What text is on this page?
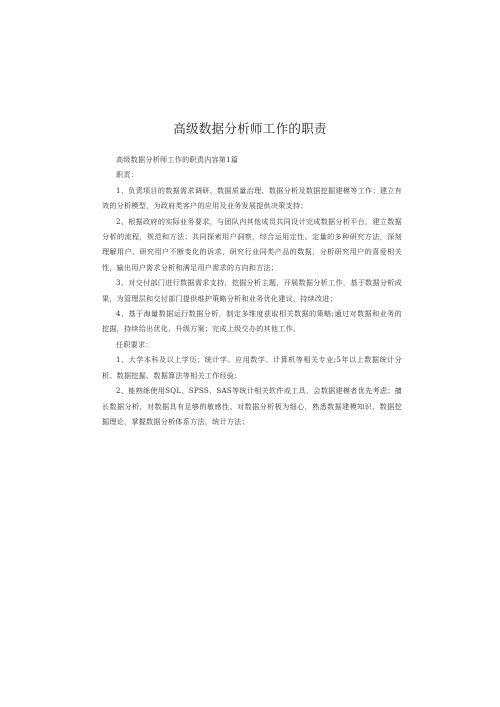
高级数据分析师工作的职责

高级数据分析师工作的职责内容第1篇

职责：

1、负责项目的数据需求调研、数据质量治理、数据分析及数据挖掘建模等工作；建立有效的分析模型，为政府类客户的应用及业务发展提供决策支持；

2、根据政府的实际业务要求，与团队内其他成员共同设计完成数据分析平台，建立数据分析的流程，规范和方法；共同探索用户洞察，综合运用定性、定量的多种研究方法，深刻理解用户、研究用户不断变化的诉求，研究行业同类产品的数据，分析研究用户的喜爱相关性，输出用户需求分析和满足用户需求的方向和方法；

3、对交付部门进行数据需求支持，挖掘分析主题，开展数据分析工作，基于数据分析成果，为管理层和交付部门提供维护策略分析和业务优化建议，持续改进；

4、基于海量数据运行数据分析，制定多维度获取相关数据的策略;通过对数据和业务的挖掘，持续给出优化、升级方案；完成上级交办的其他工作。

任职要求：

1、大学本科及以上学历；统计学、应用数学、计算机等相关专业;5年以上数据统计分析、数据挖掘、数据算法等相关工作经验;

2、能熟练使用SQL、SPSS、SAS等统计相关软件或工具，会数据建模者优先考虑；擅长数据分析，对数据具有足够的敏感性、对数据分析极为细心，熟悉数据建模知识、数据挖掘理论，掌握数据分析体系方法，统计方法；
